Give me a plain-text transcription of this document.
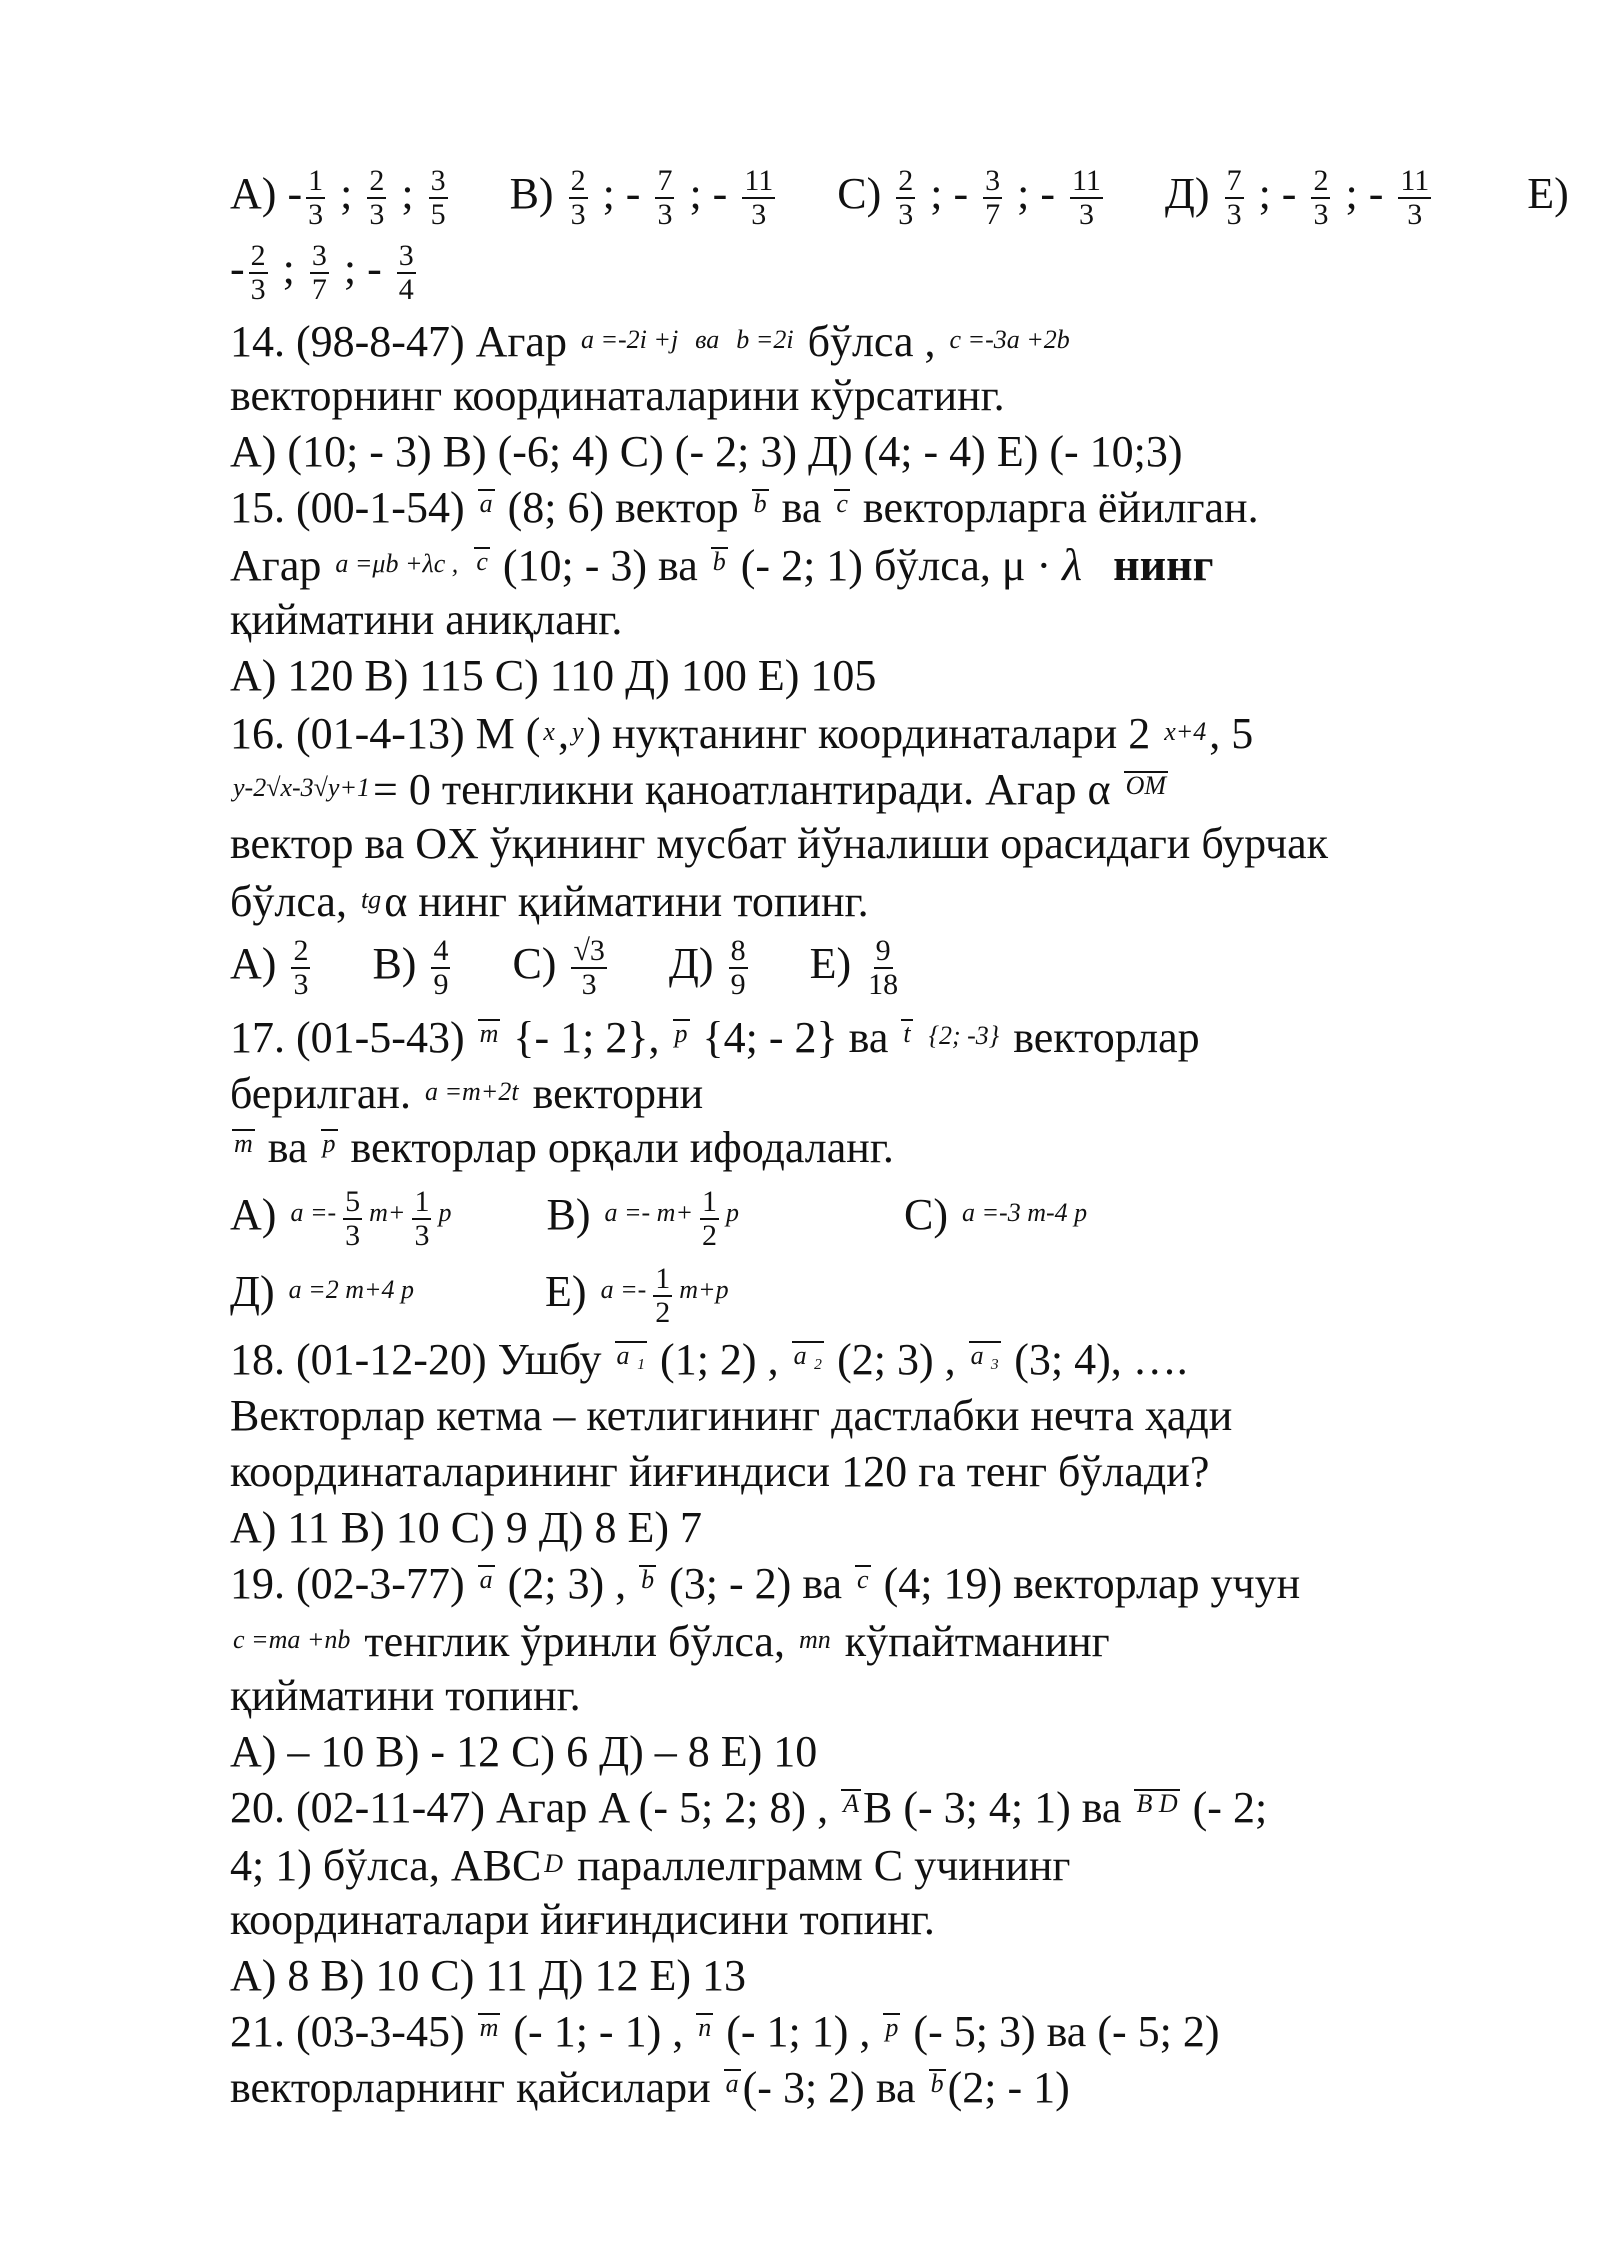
$A) - \frac{1}{3}$ ; $\frac{2}{3}$ ; $\frac{3}{5} B) \frac{2}{3}$ ; - $\frac{7}{3}$ ; - $\frac{11}{3} C) \frac{2}{3}$ ; - $\frac{3}{7}$ ; - $\frac{11}{3} Д) \frac{7}{3}$ ; - $\frac{2}{3}$ ; - $\frac{11}{3} E$)
- $\frac{2}{3}$ ; $\frac{3}{7}$ ; - $\frac{3}{4}$
14. (98-8-47) Агар a =-2i +j ва b =2i бўлса , c =-3a +2b
векторнинг координаталарини кўрсатинг.
A) (10; - 3) B) (-6; 4) C) (- 2; 3) Д) (4; - 4) E) (- 10;3)
15. (00-1-54) a (8; 6) вектор b ва c векторларга ёйилган.
Агар a =μb +λc , c (10; - 3) ва b (- 2; 1) бўлса, μ · λ нинг
қийматини аниқланг.
A) 120 B) 115 C) 110 Д) 100 E) 105
16. (01-4-13) M ( x, y) нуқтанинг координаталари 2 x+4, 5
y-2√x-3√y+1= 0 тенгликни қаноатлантиради. Агар α OM
вектор ва OX ўқининг мусбат йўналиши орасидаги бурчак
бўлса, tgα нинг қийматини топинг.
$A) \frac{2}{3} B) \frac{4}{9} C) \frac{√3}{3} Д) \frac{8}{9} E) \frac{9}{18}$
17. (01-5-43) m {- 1; 2}, p {4; - 2} ва t {2; -3} векторлар
берилган. a =m+2t векторни
m ва p векторлар орқали ифодаланг.
A) $a =- \frac{5}{3} m+ \frac{1}{3}$ p B) $a =- m+ \frac{1}{2}$ p	C) a =-3 m-4 p
Д) a =2 m+4 p	E) $a =- \frac{1}{2} m+p$
18. (01-12-20) Ушбу a ₁ (1; 2) , a ₂ (2; 3) , a ₃ (3; 4), ….
Векторлар кетма – кетлигининг дастлабки нечта ҳади
координаталарининг йиғиндиси 120 га тенг бўлади?
A) 11 B) 10 C) 9 Д) 8 E) 7
19. (02-3-77) a (2; 3) , b (3; - 2) ва c (4; 19) векторлар учун
c =ma +nb тенглик ўринли бўлса, mn кўпайтманинг
қийматини топинг.
A) – 10 B) - 12 C) 6 Д) – 8 E) 10
20. (02-11-47) Агар A (- 5; 2; 8) , AB (- 3; 4; 1) ва B D (- 2;
4; 1) бўлса, ABC D параллелграмм C учининг
координаталари йиғиндисини топинг.
A) 8 B) 10 C) 11 Д) 12 E) 13
21. (03-3-45) m (- 1; - 1) , n (- 1; 1) , p (- 5; 3) ва (- 5; 2)
векторларнинг қайсилари a(- 3; 2) ва b(2; - 1)
